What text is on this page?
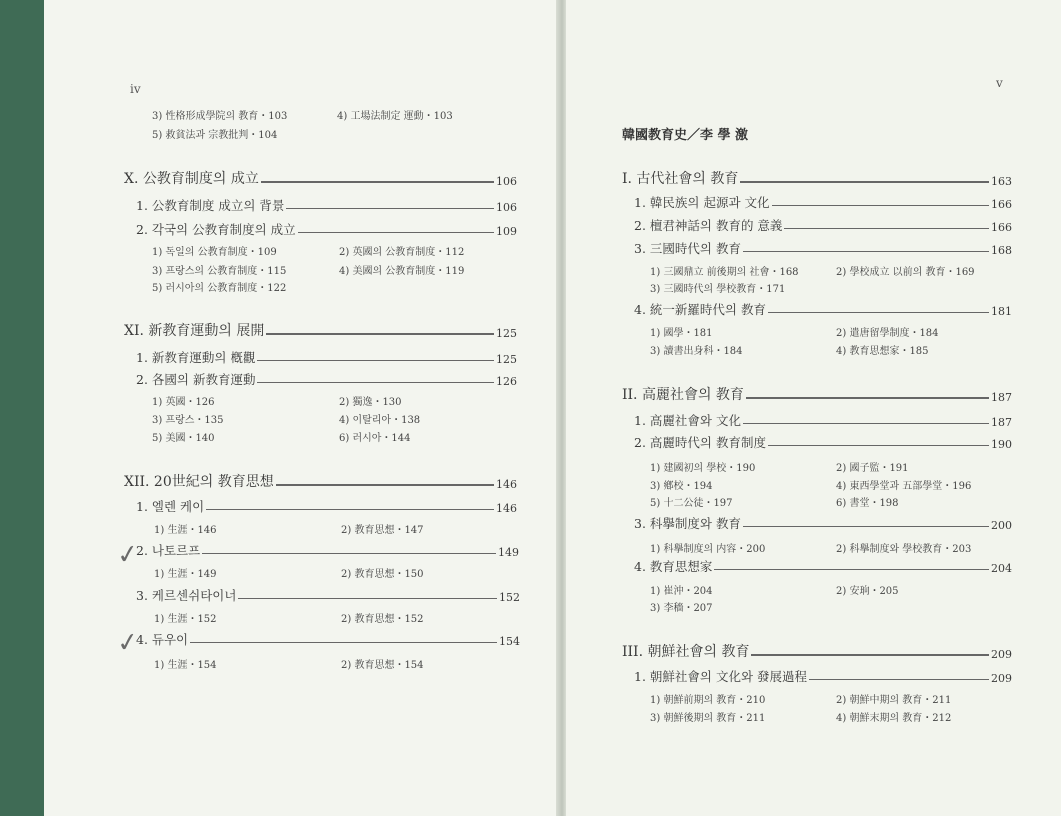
iv
3) 性格形成學院의 教育・103	4) 工場法制定 運動・103
5) 救貧法과 宗教批判・104
X. 公教育制度의 成立	106
1. 公教育制度 成立의 背景	106
2. 각국의 公教育制度의 成立	109
1) 독일의 公教育制度・109	2) 英國의 公教育制度・112
3) 프랑스의 公教育制度・115	4) 美國의 公教育制度・119
5) 러시아의 公教育制度・122
XI. 新教育運動의 展開	125
1. 新教育運動의 槪觀	125
2. 各國의 新教育運動	126
1) 英國・126	2) 獨逸・130
3) 프랑스・135	4) 이탈리아・138
5) 美國・140	6) 러시아・144
XII. 20世紀의 教育思想	146
1. 엘렌 케이	146
1) 生涯・146	2) 教育思想・147
2. 나토르프	149
1) 生涯・149	2) 教育思想・150
3. 케르센쉬타이너	152
1) 生涯・152	2) 教育思想・152
4. 듀우이	154
1) 生涯・154	2) 教育思想・154
✓
✓
v
韓國教育史／李 學 激
I. 古代社會의 教育	163
1. 韓民族의 起源과 文化	166
2. 檀君神話의 教育的 意義	166
3. 三國時代의 教育	168
1) 三國鼎立 前後期의 社會・168	2) 學校成立 以前의 教育・169
3) 三國時代의 學校教育・171
4. 統一新羅時代의 教育	181
1) 國學・181	2) 遣唐留學制度・184
3) 讀書出身科・184	4) 教育思想家・185
II. 高麗社會의 教育	187
1. 高麗社會와 文化	187
2. 高麗時代의 教育制度	190
1) 建國初의 學校・190	2) 國子監・191
3) 鄕校・194	4) 東西學堂과 五部學堂・196
5) 十二公徒・197	6) 書堂・198
3. 科擧制度와 教育	200
1) 科擧制度의 内容・200	2) 科擧制度와 學校教育・203
4. 教育思想家	204
1) 崔沖・204	2) 安珦・205
3) 李穡・207
III. 朝鮮社會의 教育	209
1. 朝鮮社會의 文化와 發展過程	209
1) 朝鮮前期의 教育・210	2) 朝鮮中期의 教育・211
3) 朝鮮後期의 教育・211	4) 朝鮮末期의 教育・212
